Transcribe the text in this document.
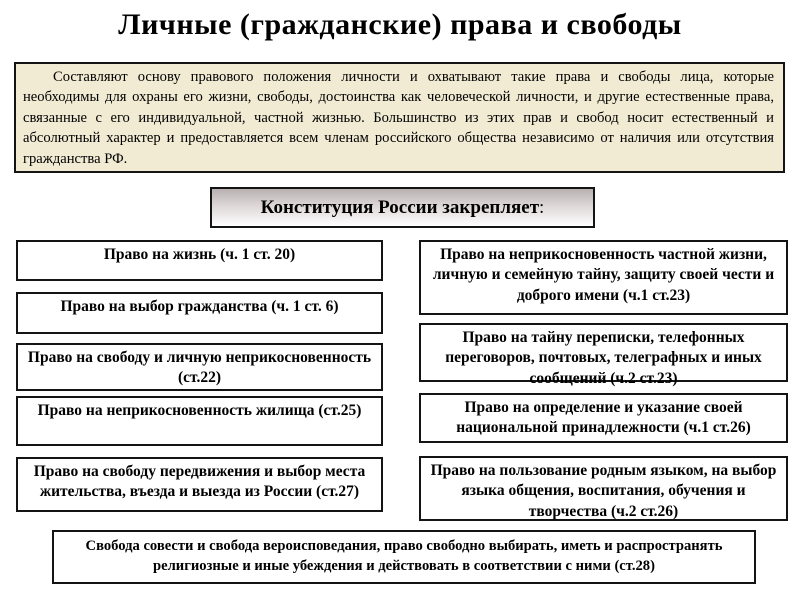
Личные (гражданские) права и свободы

Составляют основу правового положения личности и охватывают такие права и свободы лица, которые необходимы для охраны его жизни, свободы, достоинства как человеческой личности, и другие естественные права, связанные с его индивидуальной, частной жизнью. Большинство из этих прав и свобод носит естественный и абсолютный характер и предоставляется всем членам российского общества независимо от наличия или отсутствия гражданства РФ.

Конституция России закрепляет:
Право на жизнь (ч. 1 ст. 20)
Право на выбор гражданства (ч. 1 ст. 6)
Право на свободу и личную неприкосновенность (ст.22)
Право на неприкосновенность жилища (ст.25)
Право на свободу передвижения и выбор места жительства, въезда и выезда из России (ст.27)
Право на неприкосновенность частной жизни, личную и семейную тайну, защиту своей чести и доброго имени (ч.1 ст.23)
Право на тайну переписки, телефонных переговоров, почтовых, телеграфных и иных сообщений (ч.2 ст.23)
Право на определение и указание своей национальной принадлежности (ч.1 ст.26)
Право на пользование родным языком, на выбор языка общения, воспитания, обучения и творчества (ч.2 ст.26)
Свобода совести и свобода вероисповедания, право свободно выбирать, иметь и распространять религиозные и иные убеждения и действовать в соответствии с ними (ст.28)
